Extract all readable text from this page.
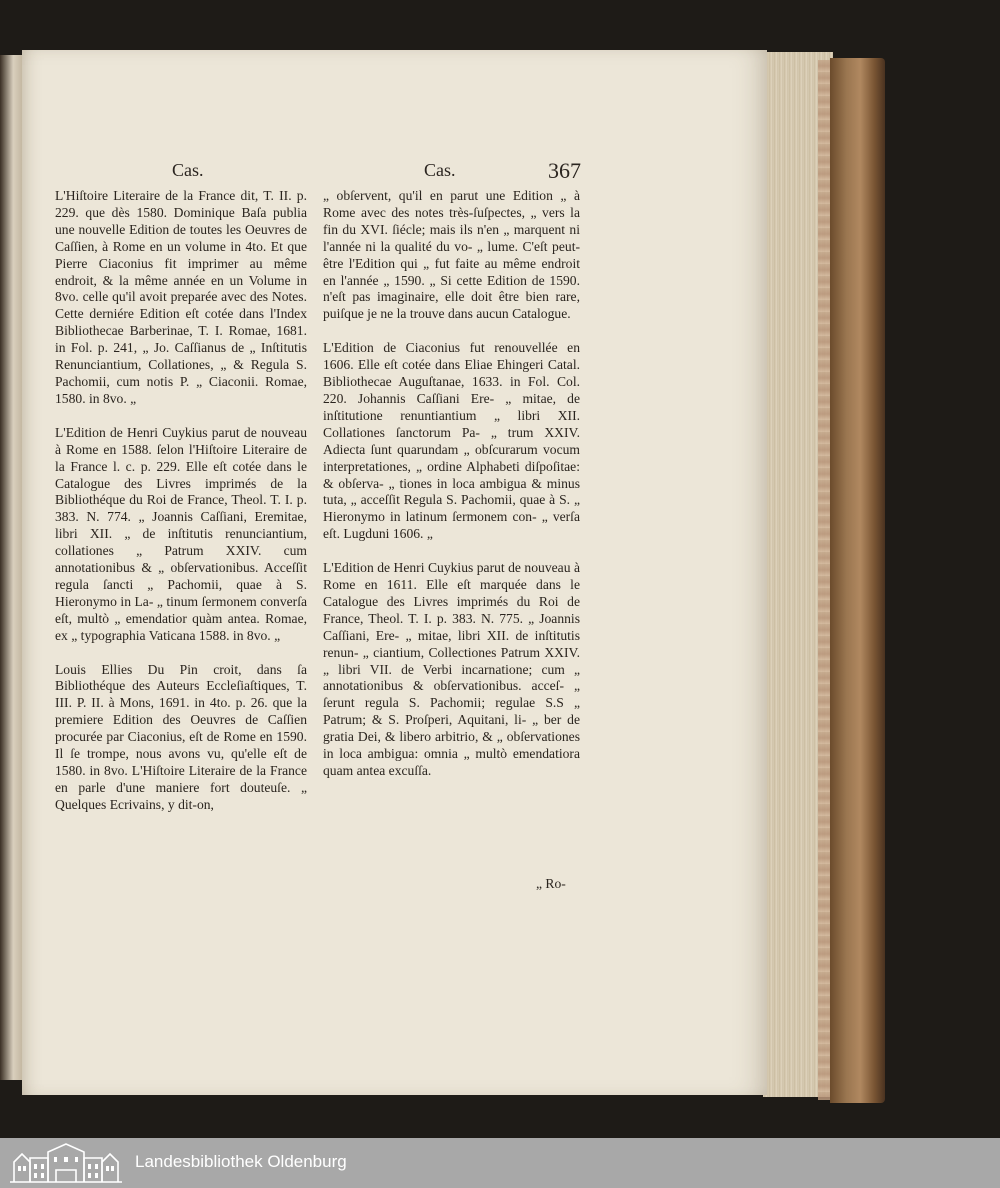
Cas.	Cas.	367

L'Hiſtoire Literaire de la France dit, T. II. p. 229. que dès 1580. Dominique Baſa publia une nouvelle Edition de toutes les Oeuvres de Caſſien, à Rome en un volume in 4to. Et que Pierre Ciaconius fit imprimer au même endroit, & la même année en un Volume in 8vo. celle qu'il avoit preparée avec des Notes. Cette derniére Edition eſt cotée dans l'Index Bibliothecae Barberinae, T. I. Romae, 1681. in Fol. p. 241, „ Jo. Caſſianus de „ Inſtitutis Renunciantium, Collationes, „ & Regula S. Pachomii, cum notis P. „ Ciaconii. Romae, 1580. in 8vo. „

L'Edition de Henri Cuykius parut de nouveau à Rome en 1588. ſelon l'Hiſtoire Literaire de la France l. c. p. 229. Elle eſt cotée dans le Catalogue des Livres imprimés de la Bibliothéque du Roi de France, Theol. T. I. p. 383. N. 774. „ Joannis Caſſiani, Eremitae, libri XII. „ de inſtitutis renunciantium, collationes „ Patrum XXIV. cum annotationibus & „ obſervationibus. Acceſſit regula ſancti „ Pachomii, quae à S. Hieronymo in La- „ tinum ſermonem converſa eſt, multò „ emendatior quàm antea. Romae, ex „ typographia Vaticana 1588. in 8vo. „

Louis Ellies Du Pin croit, dans ſa Bibliothéque des Auteurs Eccleſiaſtiques, T. III. P. II. à Mons, 1691. in 4to. p. 26. que la premiere Edition des Oeuvres de Caſſien procurée par Ciaconius, eſt de Rome en 1590. Il ſe trompe, nous avons vu, qu'elle eſt de 1580. in 8vo. L'Hiſtoire Literaire de la France en parle d'une maniere fort douteuſe. „ Quelques Ecrivains, y dit-on,

„ obſervent, qu'il en parut une Edition „ à Rome avec des notes très-ſuſpectes, „ vers la fin du XVI. ſiécle; mais ils n'en „ marquent ni l'année ni la qualité du vo- „ lume. C'eſt peut-être l'Edition qui „ fut faite au même endroit en l'année „ 1590. „ Si cette Edition de 1590. n'eſt pas imaginaire, elle doit être bien rare, puiſque je ne la trouve dans aucun Catalogue.

L'Edition de Ciaconius fut renouvellée en 1606. Elle eſt cotée dans Eliae Ehingeri Catal. Bibliothecae Auguſtanae, 1633. in Fol. Col. 220. Johannis Caſſiani Ere- „ mitae, de inſtitutione renuntiantium „ libri XII. Collationes ſanctorum Pa- „ trum XXIV. Adiecta ſunt quarundam „ obſcurarum vocum interpretationes, „ ordine Alphabeti diſpoſitae: & obſerva- „ tiones in loca ambigua & minus tuta, „ acceſſit Regula S. Pachomii, quae à S. „ Hieronymo in latinum ſermonem con- „ verſa eſt. Lugduni 1606. „

L'Edition de Henri Cuykius parut de nouveau à Rome en 1611. Elle eſt marquée dans le Catalogue des Livres imprimés du Roi de France, Theol. T. I. p. 383. N. 775. „ Joannis Caſſiani, Ere- „ mitae, libri XII. de inſtitutis renun- „ ciantium, Collectiones Patrum XXIV. „ libri VII. de Verbi incarnatione; cum „ annotationibus & obſervationibus. acceſ- „ ſerunt regula S. Pachomii; regulae S.S „ Patrum; & S. Proſperi, Aquitani, li- „ ber de gratia Dei, & libero arbitrio, & „ obſervationes in loca ambigua: omnia „ multò emendatiora quam antea excuſſa.

„ Ro-
Landesbibliothek Oldenburg
